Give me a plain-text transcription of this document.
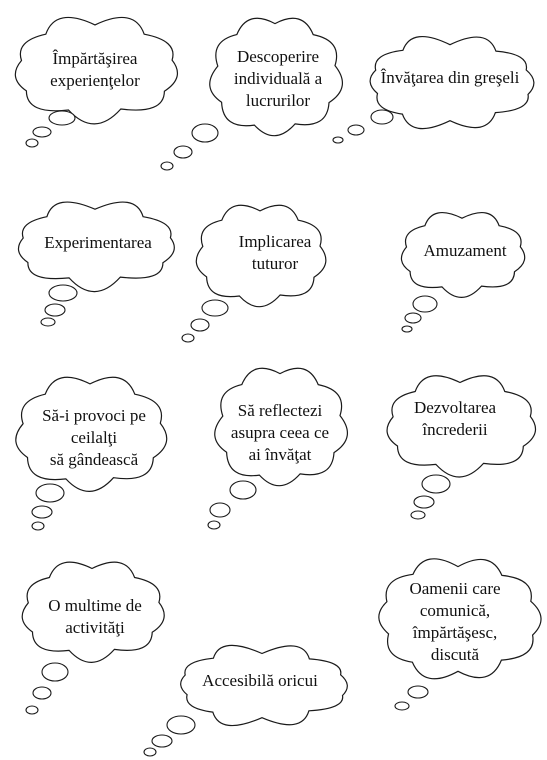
Împărtăşirea
experienţelor
Descoperire
individuală a
lucrurilor
Învăţarea din greşeli
Experimentarea	Implicarea
tuturor
Amuzament
Să-i provoci pe
ceilalţi
să gândească
Să reflectezi
asupra ceea ce
ai învăţat
Dezvoltarea
încrederii
O multime de
activităţi
Accesibilă oricui
Oamenii care
comunică,
împărtăşesc,
discută
